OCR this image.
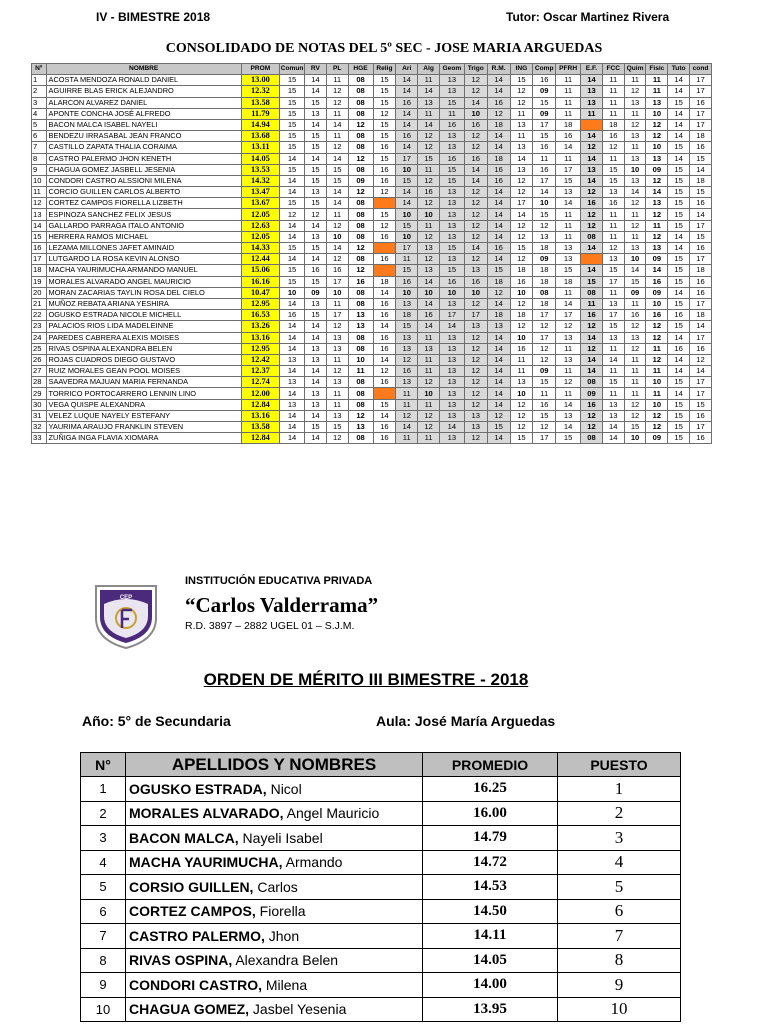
IV - BIMESTRE 2018	Tutor: Oscar Martinez Rivera
CONSOLIDADO DE NOTAS DEL 5º SEC - JOSE MARIA ARGUEDAS
Nº	NOMBRE	PROM	Comun	RV	PL	HGE	Relig	Ari	Alg	Geom	Trigo	R.M.	ING	Comp	PFRH	E.F.	FCC	Quim	Fisic	Tuto	cond
1	ACOSTA MENDOZA RONALD DANIEL	13.00	15	14	11	08	15	14	11	13	12	14	15	16	11	14	11	11	11	14	17
2	AGUIRRE BLAS ERICK ALEJANDRO	12.32	15	14	12	08	15	14	14	13	12	14	12	09	11	13	11	12	11	14	17
3	ALARCON ALVAREZ DANIEL	13.58	15	15	12	08	15	16	13	15	14	16	12	15	11	13	11	13	13	15	16
4	APONTE CONCHA JOSÉ ALFREDO	11.79	15	13	11	08	12	14	11	11	10	12	11	09	11	11	11	11	10	14	17
5	BACON MALCA ISABEL NAYELI	14.94	15	14	14	12	15	14	14	16	16	18	13	17	18		18	12	12	14	17
6	BENDEZU IRRASABAL JEAN FRANCO	13.68	15	15	11	08	15	16	12	13	12	14	11	15	16	14	16	13	12	14	18
7	CASTILLO ZAPATA THALIA CORAIMA	13.11	15	15	12	08	16	14	12	13	12	14	13	16	14	12	12	11	10	15	16
8	CASTRO PALERMO JHON KENETH	14.05	14	14	14	12	15	17	15	16	16	18	14	11	11	14	11	13	13	14	15
9	CHAGUA GOMEZ JASBELL JESENIA	13.53	15	15	15	08	16	10	11	15	14	16	13	16	17	13	15	10	09	15	14
10	CONDORI CASTRO ALSSIONI MILENA	14.32	14	15	15	09	16	15	12	15	14	16	12	17	15	14	15	13	12	15	18
11	CORCIO GUILLEN CARLOS ALBERTO	13.47	14	13	14	12	12	14	16	13	12	14	12	14	13	12	13	14	14	15	15
12	CORTEZ CAMPOS FIORELLA LIZBETH	13.67	15	15	14	08		14	12	13	12	14	17	10	14	16	16	12	13	15	16
13	ESPINOZA SANCHEZ FELIX JESUS	12.05	12	12	11	08	15	10	10	13	12	14	14	15	11	12	11	11	12	15	14
14	GALLARDO PARRAGA ITALO ANTONIO	12.63	14	14	12	08	12	15	11	13	12	14	12	12	11	12	11	12	11	15	17
15	HERRERA RAMOS MICHAEL	12.05	14	13	10	08	16	10	12	13	12	14	12	13	11	08	11	11	12	14	15
16	LEZAMA MILLONES JAFET AMINAID	14.33	15	15	14	12		17	13	15	14	16	15	18	13	14	12	13	13	14	16
17	LUTGARDO LA ROSA KEVIN ALONSO	12.44	14	14	12	08	16	11	12	13	12	14	12	09	13		13	10	09	15	17
18	MACHA YAURIMUCHA ARMANDO MANUEL	15.06	15	16	16	12		15	13	15	13	15	18	18	15	14	15	14	14	15	18
19	MORALES ALVARADO ANGEL MAURICIO	16.16	15	15	17	16	18	16	14	16	16	18	16	18	18	15	17	15	16	15	16
20	MORAN ZACARIAS TAYLIN ROSA DEL CIELO	10.47	10	09	10	08	14	10	10	10	10	12	10	08	11	08	11	09	09	14	16
21	MUÑOZ REBATA ARIANA YESHIRA	12.95	14	13	11	08	16	13	14	13	12	14	12	18	14	11	13	11	10	15	17
22	OGUSKO ESTRADA NICOLE MICHELL	16.53	16	15	17	13	16	18	16	17	17	18	18	17	17	16	17	16	16	16	18
23	PALACIOS RIOS LIDA MADELEINNE	13.26	14	14	12	13	14	15	14	14	13	13	12	12	12	12	15	12	12	15	14
24	PAREDES CABRERA ALEXIS MOISES	13.16	14	14	13	08	16	13	11	13	12	14	10	17	13	14	13	13	12	14	17
25	RIVAS OSPINA ALEXANDRA BELEN	12.95	14	13	13	08	16	13	13	13	12	14	16	12	11	12	11	12	11	16	16
26	ROJAS CUADROS DIEGO GUSTAVO	12.42	13	13	11	10	14	12	11	13	12	14	11	12	13	14	14	11	12	14	12
27	RUIZ MORALES GEAN POOL MOISES	12.37	14	14	12	11	12	16	11	13	12	14	11	09	11	14	11	11	11	14	14
28	SAAVEDRA MAJUAN MARIA FERNANDA	12.74	13	14	13	08	16	13	12	13	12	14	13	15	12	08	15	11	10	15	17
29	TORRICO PORTOCARRERO LENNIN LINO	12.00	14	13	11	08		11	10	13	12	14	10	11	11	09	11	11	11	14	17
30	VEGA QUISPE ALEXANDRA	12.84	13	13	11	08	15	11	11	13	12	14	12	16	14	16	13	12	10	15	15
31	VELEZ LUQUE NAYELY ESTEFANY	13.16	14	14	13	12	14	12	12	13	13	12	12	15	13	12	13	12	12	15	16
32	YAURIMA ARAUJO FRANKLIN STEVEN	13.58	14	15	15	13	16	14	12	14	13	15	12	12	14	12	14	15	12	15	17
33	ZUÑIGA INGA FLAVIA XIOMARA	12.84	14	14	12	08	16	11	11	13	12	14	15	17	15	08	14	10	09	15	16
CEP
INSTITUCIÓN EDUCATIVA PRIVADA
“Carlos Valderrama”
R.D. 3897 – 2882 UGEL 01 – S.J.M.
ORDEN DE MÉRITO III BIMESTRE - 2018
Año: 5° de Secundaria	Aula: José María Arguedas
N°	APELLIDOS Y NOMBRES	PROMEDIO	PUESTO
1	OGUSKO ESTRADA, Nicol	16.25	1
2	MORALES ALVARADO, Angel Mauricio	16.00	2
3	BACON MALCA, Nayeli Isabel	14.79	3
4	MACHA YAURIMUCHA, Armando	14.72	4
5	CORSIO GUILLEN, Carlos	14.53	5
6	CORTEZ CAMPOS, Fiorella	14.50	6
7	CASTRO PALERMO, Jhon	14.11	7
8	RIVAS OSPINA, Alexandra Belen	14.05	8
9	CONDORI CASTRO, Milena	14.00	9
10	CHAGUA GOMEZ, Jasbel Yesenia	13.95	10
